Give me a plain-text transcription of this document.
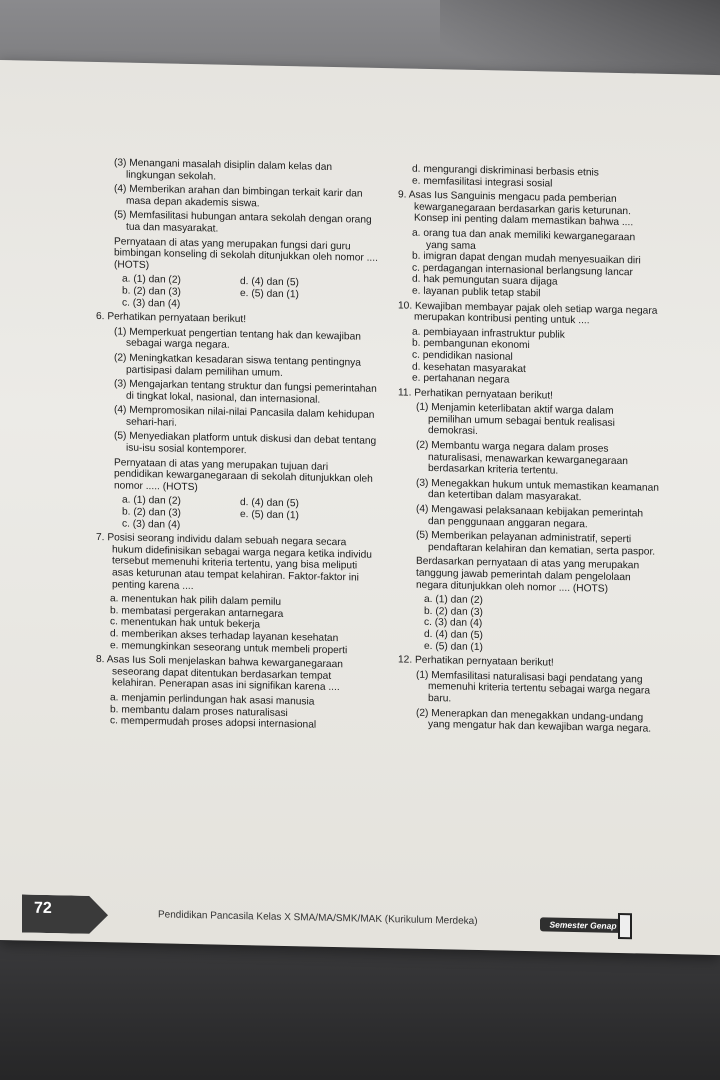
(3) Menangani masalah disiplin dalam kelas dan lingkungan sekolah.
(4) Memberikan arahan dan bimbingan terkait karir dan masa depan akademis siswa.
(5) Memfasilitasi hubungan antara sekolah dengan orang tua dan masyarakat.
Pernyataan di atas yang merupakan fungsi dari guru bimbingan konseling di sekolah ditunjukkan oleh nomor .... (HOTS)
a. (1) dan (2)	d. (4) dan (5)
b. (2) dan (3)	e. (5) dan (1)
c. (3) dan (4)
6. Perhatikan pernyataan berikut!
(1) Memperkuat pengertian tentang hak dan kewajiban sebagai warga negara.
(2) Meningkatkan kesadaran siswa tentang pentingnya partisipasi dalam pemilihan umum.
(3) Mengajarkan tentang struktur dan fungsi pemerintahan di tingkat lokal, nasional, dan internasional.
(4) Mempromosikan nilai-nilai Pancasila dalam kehidupan sehari-hari.
(5) Menyediakan platform untuk diskusi dan debat tentang isu-isu sosial kontemporer.
Pernyataan di atas yang merupakan tujuan dari pendidikan kewarganegaraan di sekolah ditunjukkan oleh nomor ..... (HOTS)
a. (1) dan (2)	d. (4) dan (5)
b. (2) dan (3)	e. (5) dan (1)
c. (3) dan (4)
7. Posisi seorang individu dalam sebuah negara secara hukum didefinisikan sebagai warga negara ketika individu tersebut memenuhi kriteria tertentu, yang bisa meliputi asas keturunan atau tempat kelahiran. Faktor-faktor ini penting karena ....
a. menentukan hak pilih dalam pemilu
b. membatasi pergerakan antarnegara
c. menentukan hak untuk bekerja
d. memberikan akses terhadap layanan kesehatan
e. memungkinkan seseorang untuk membeli properti
8. Asas Ius Soli menjelaskan bahwa kewarganegaraan seseorang dapat ditentukan berdasarkan tempat kelahiran. Penerapan asas ini signifikan karena ....
a. menjamin perlindungan hak asasi manusia
b. membantu dalam proses naturalisasi
c. mempermudah proses adopsi internasional
d. mengurangi diskriminasi berbasis etnis
e. memfasilitasi integrasi sosial
9. Asas Ius Sanguinis mengacu pada pemberian kewarganegaraan berdasarkan garis keturunan. Konsep ini penting dalam memastikan bahwa ....
a. orang tua dan anak memiliki kewarganegaraan yang sama
b. imigran dapat dengan mudah menyesuaikan diri
c. perdagangan internasional berlangsung lancar
d. hak pemungutan suara dijaga
e. layanan publik tetap stabil
10. Kewajiban membayar pajak oleh setiap warga negara merupakan kontribusi penting untuk ....
a. pembiayaan infrastruktur publik
b. pembangunan ekonomi
c. pendidikan nasional
d. kesehatan masyarakat
e. pertahanan negara
11. Perhatikan pernyataan berikut!
(1) Menjamin keterlibatan aktif warga dalam pemilihan umum sebagai bentuk realisasi demokrasi.
(2) Membantu warga negara dalam proses naturalisasi, menawarkan kewarganegaraan berdasarkan kriteria tertentu.
(3) Menegakkan hukum untuk memastikan keamanan dan ketertiban dalam masyarakat.
(4) Mengawasi pelaksanaan kebijakan pemerintah dan penggunaan anggaran negara.
(5) Memberikan pelayanan administratif, seperti pendaftaran kelahiran dan kematian, serta paspor.
Berdasarkan pernyataan di atas yang merupakan tanggung jawab pemerintah dalam pengelolaan negara ditunjukkan oleh nomor .... (HOTS)
a. (1) dan (2)
b. (2) dan (3)
c. (3) dan (4)
d. (4) dan (5)
e. (5) dan (1)
12. Perhatikan pernyataan berikut!
(1) Memfasilitasi naturalisasi bagi pendatang yang memenuhi kriteria tertentu sebagai warga negara baru.
(2) Menerapkan dan menegakkan undang-undang yang mengatur hak dan kewajiban warga negara.
72
Pendidikan Pancasila Kelas X SMA/MA/SMK/MAK (Kurikulum Merdeka)	Semester Genap
